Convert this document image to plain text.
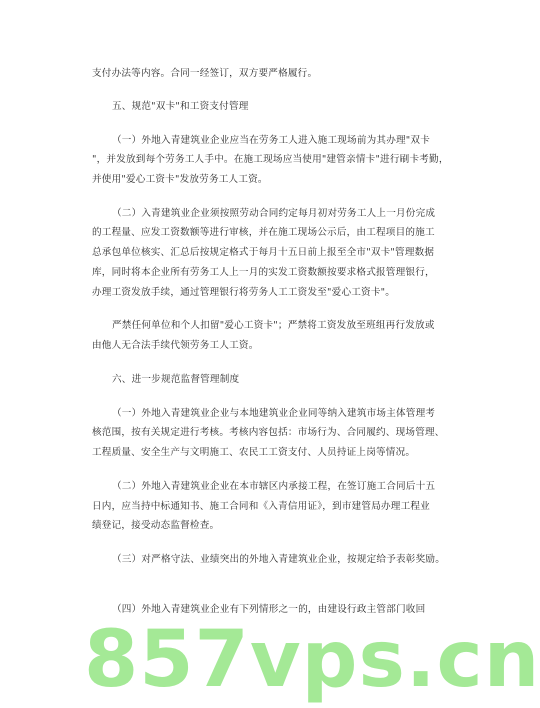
支付办法等内容。合同一经签订，双方要严格履行。
五、规范"双卡"和工资支付管理
（一）外地入青建筑业企业应当在劳务工人进入施工现场前为其办理"双卡
"，并发放到每个劳务工人手中。在施工现场应当使用"建管亲情卡"进行刷卡考勤，
并使用"爱心工资卡"发放劳务工人工资。
（二）入青建筑业企业须按照劳动合同约定每月初对劳务工人上一月份完成
的工程量、应发工资数额等进行审核，并在施工现场公示后，由工程项目的施工
总承包单位核实、汇总后按规定格式于每月十五日前上报至全市"双卡"管理数据
库，同时将本企业所有劳务工人上一月的实发工资数额按要求格式报管理银行，
办理工资发放手续，通过管理银行将劳务人工工资发至"爱心工资卡"。
严禁任何单位和个人扣留"爱心工资卡"；严禁将工资发放至班组再行发放或
由他人无合法手续代领劳务工人工资。
六、进一步规范监督管理制度
（一）外地入青建筑业企业与本地建筑业企业同等纳入建筑市场主体管理考
核范围，按有关规定进行考核。考核内容包括：市场行为、合同履约、现场管理、
工程质量、安全生产与文明施工、农民工工资支付、人员持证上岗等情况。
（二）外地入青建筑业企业在本市辖区内承接工程，在签订施工合同后十五
日内，应当持中标通知书、施工合同和《入青信用证》，到市建管局办理工程业
绩登记，接受动态监督检查。
（三）对严格守法、业绩突出的外地入青建筑业企业，按规定给予表彰奖励。
（四）外地入青建筑业企业有下列情形之一的，由建设行政主管部门收回
857vps.cn
